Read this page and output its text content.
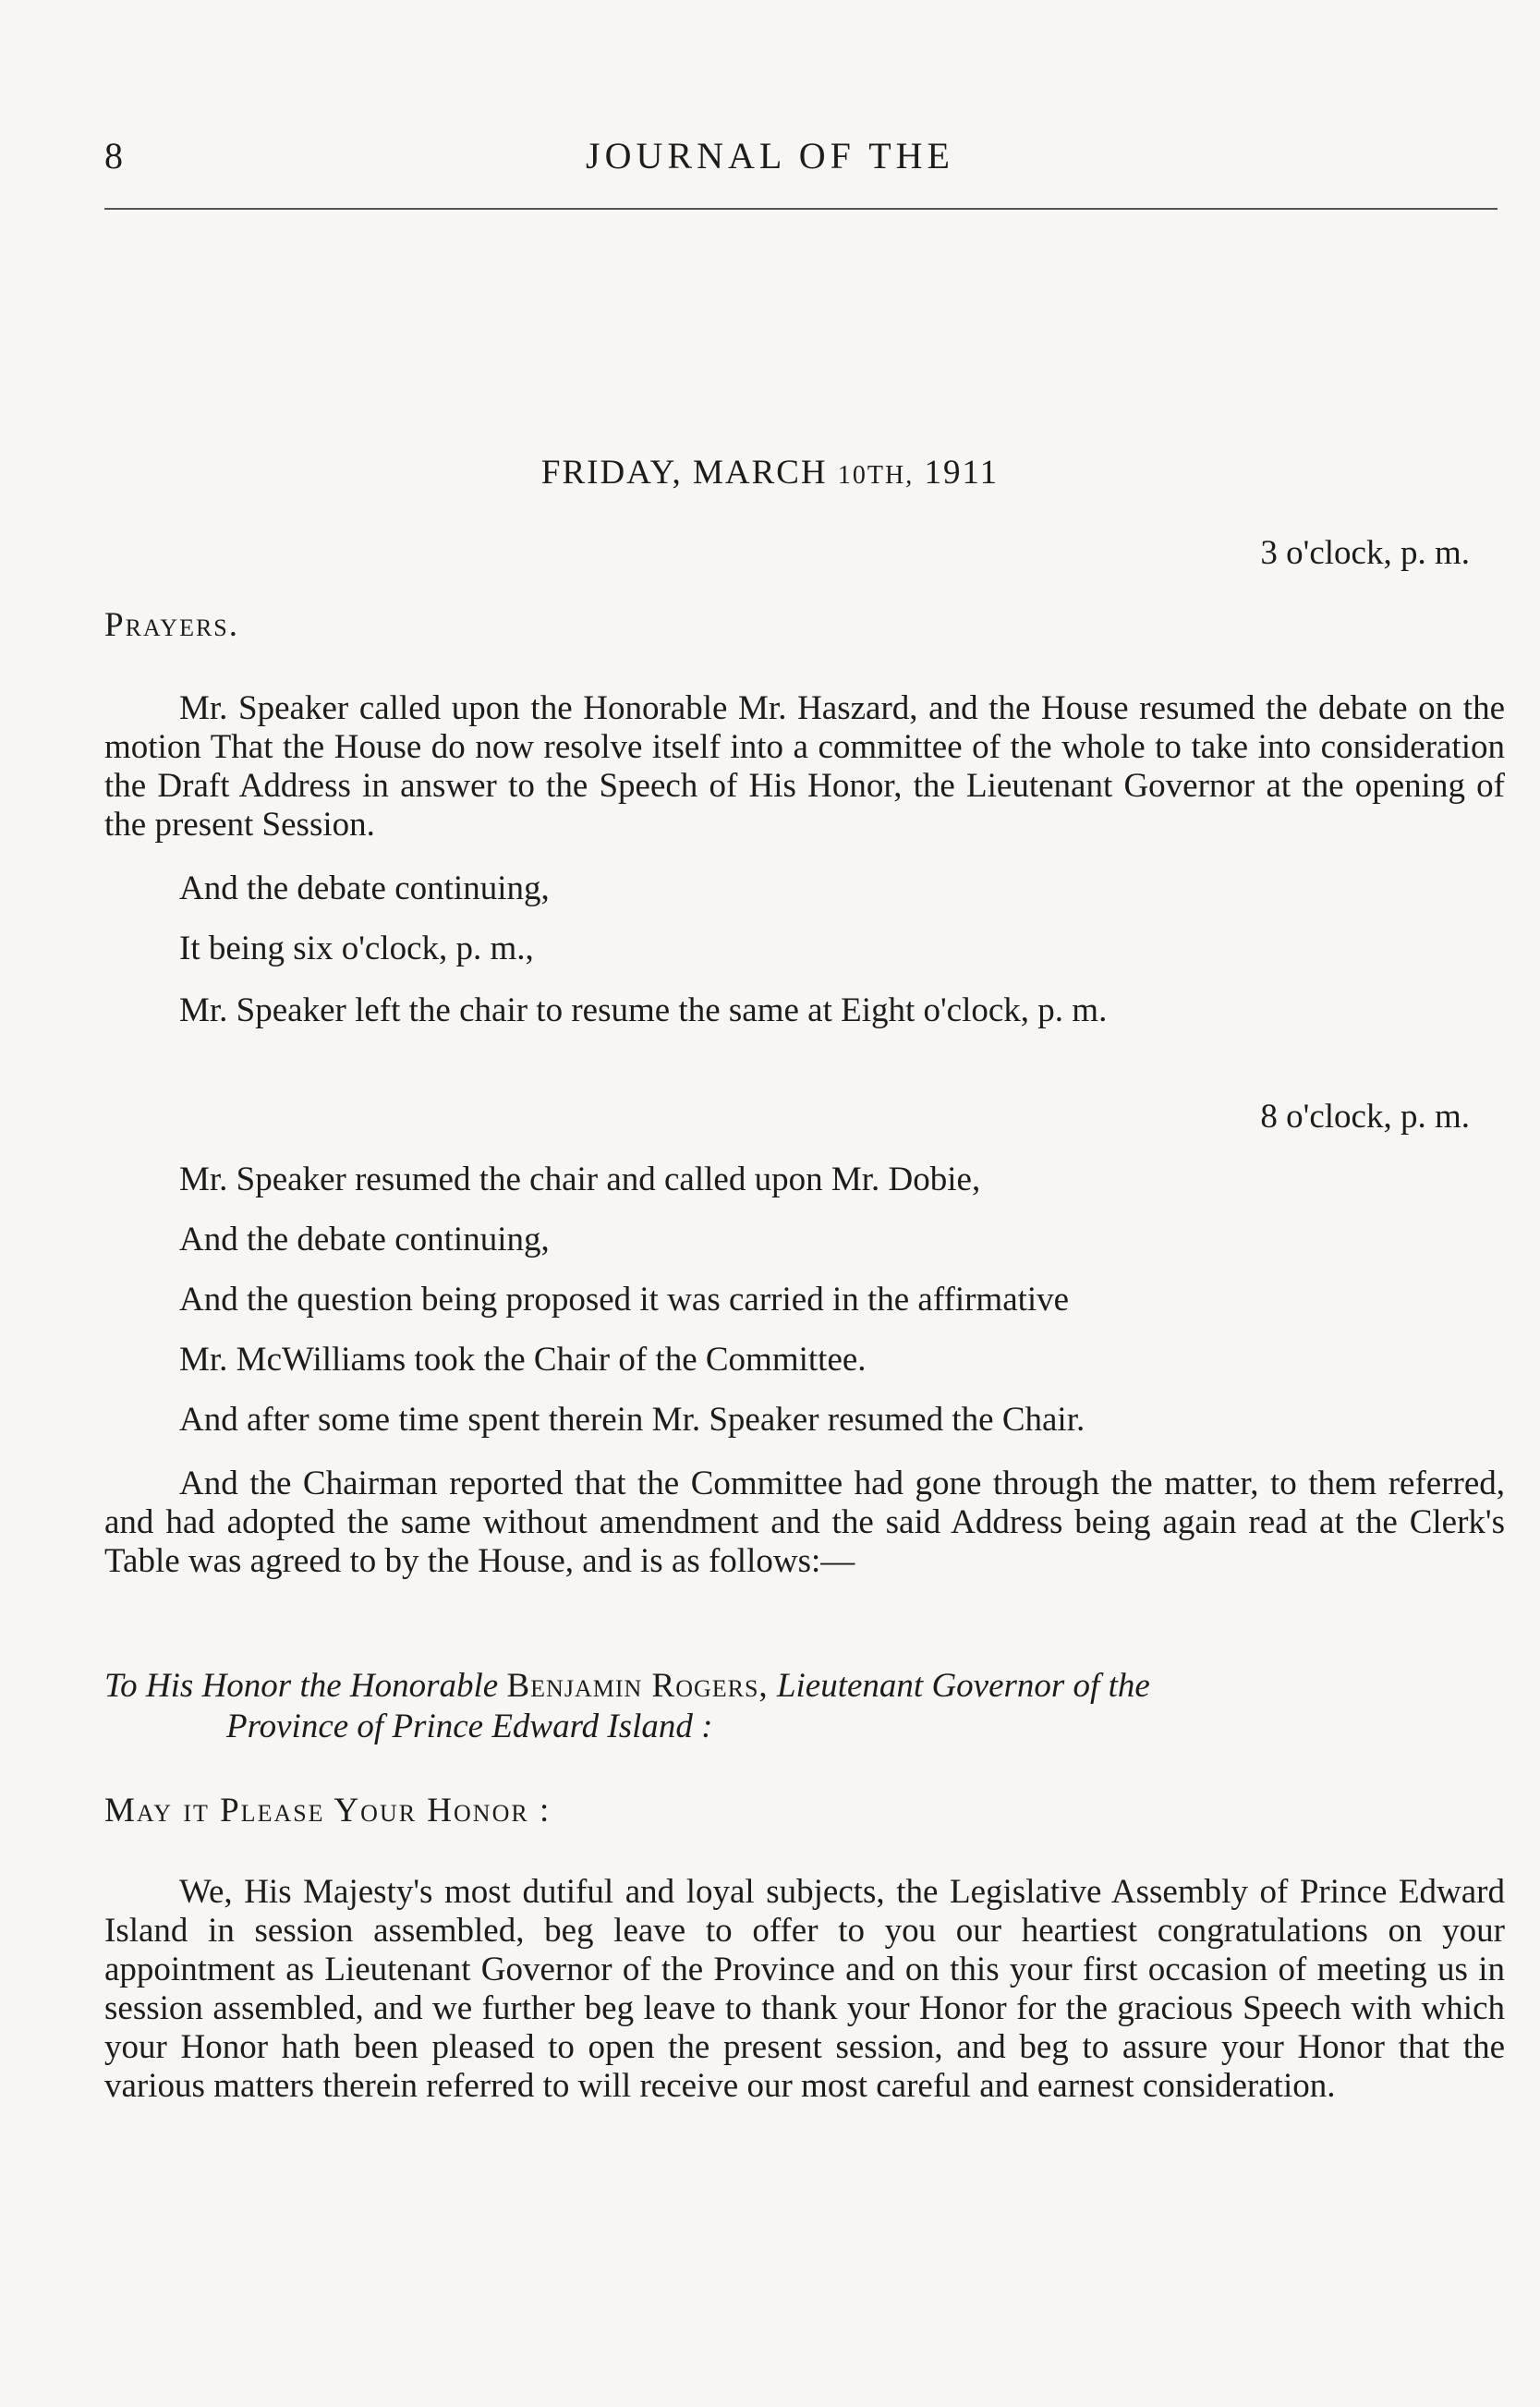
8	JOURNAL OF THE
FRIDAY, MARCH 10TH, 1911
3 o'clock, p. m.
Prayers.
Mr. Speaker called upon the Honorable Mr. Haszard, and the House resumed the debate on the motion That the House do now resolve itself into a committee of the whole to take into consideration the Draft Address in answer to the Speech of His Honor, the Lieutenant Governor at the opening of the present Session.
And the debate continuing,
It being six o'clock, p. m.,
Mr. Speaker left the chair to resume the same at Eight o'clock, p. m.
8 o'clock, p. m.
Mr. Speaker resumed the chair and called upon Mr. Dobie,
And the debate continuing,
And the question being proposed it was carried in the affirmative
Mr. McWilliams took the Chair of the Committee.
And after some time spent therein Mr. Speaker resumed the Chair.
And the Chairman reported that the Committee had gone through the matter, to them referred, and had adopted the same without amendment and the said Address being again read at the Clerk's Table was agreed to by the House, and is as follows:—
To His Honor the Honorable Benjamin Rogers, Lieutenant Governor of the
Province of Prince Edward Island :
May it Please Your Honor :
We, His Majesty's most dutiful and loyal subjects, the Legislative Assembly of Prince Edward Island in session assembled, beg leave to offer to you our heartiest congratulations on your appointment as Lieutenant Governor of the Province and on this your first occasion of meeting us in session assembled, and we further beg leave to thank your Honor for the gracious Speech with which your Honor hath been pleased to open the present session, and beg to assure your Honor that the various matters therein referred to will receive our most careful and earnest consideration.
